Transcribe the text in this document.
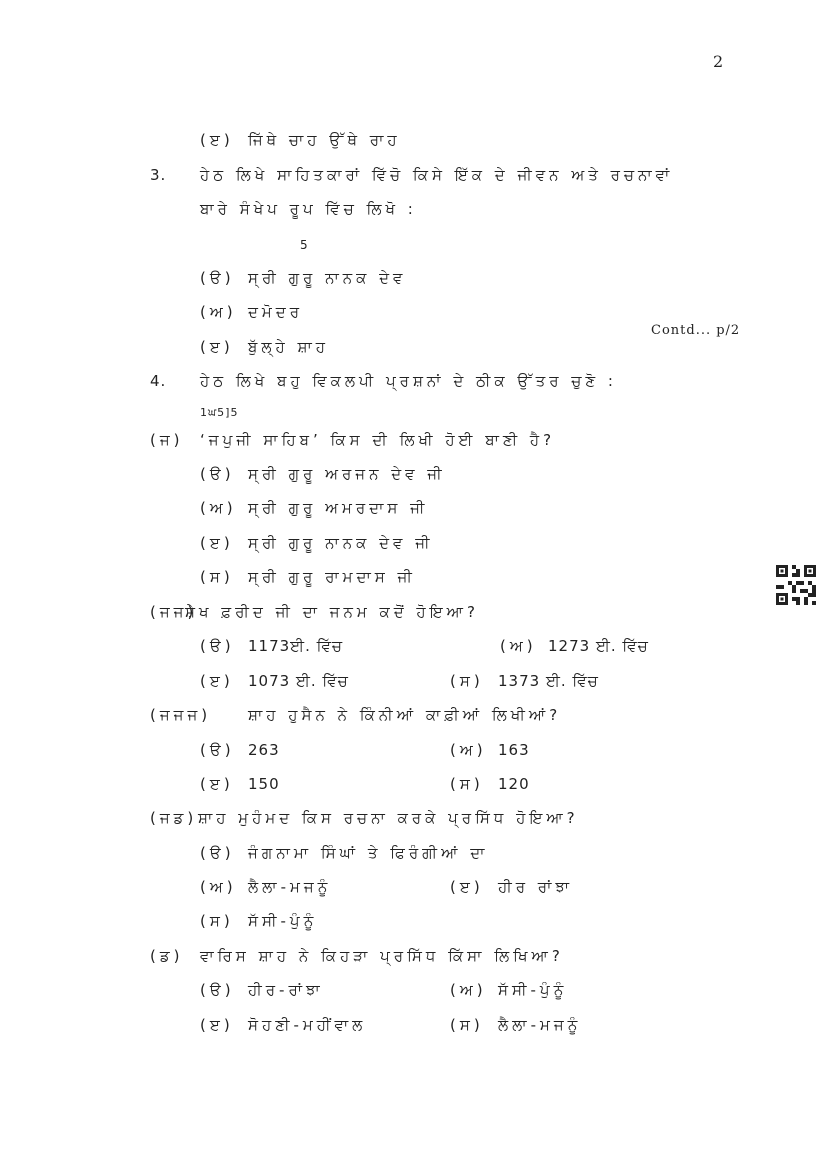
2
(ੲ) ਜਿੱਥੇ ਚਾਹ ਉੱਥੇ ਰਾਹ
3. ਹੇਠ ਲਿਖੇ ਸਾਹਿਤਕਾਰਾਂ ਵਿੱਚੋ ਕਿਸੇ ਇੱਕ ਦੇ ਜੀਵਨ ਅਤੇ ਰਚਨਾਵਾਂ
ਬਾਰੇ ਸੰਖੇਪ ਰੂਪ ਵਿੱਚ ਲਿਖੋ :
5
(ੳ) ਸ੍ਰੀ ਗੁਰੂ ਨਾਨਕ ਦੇਵ
(ਅ) ਦਮੋਦਰ
Contd... p/2
(ੲ) ਬੁੱਲ੍ਹੇ ਸ਼ਾਹ
4. ਹੇਠ ਲਿਖੇ ਬਹੁ ਵਿਕਲਪੀ ਪ੍ਰਸ਼ਨਾਂ ਦੇ ਠੀਕ ਉੱਤਰ ਚੁਣੋ :
1ਘ5]5
(ਜ) ‘ਜਪੁਜੀ ਸਾਹਿਬ’ ਕਿਸ ਦੀ ਲਿਖੀ ਹੋਈ ਬਾਣੀ ਹੈ?
(ੳ) ਸ੍ਰੀ ਗੁਰੂ ਅਰਜਨ ਦੇਵ ਜੀ
(ਅ) ਸ੍ਰੀ ਗੁਰੂ ਅਮਰਦਾਸ ਜੀ
(ੲ) ਸ੍ਰੀ ਗੁਰੂ ਨਾਨਕ ਦੇਵ ਜੀ
(ਸ) ਸ੍ਰੀ ਗੁਰੂ ਰਾਮਦਾਸ ਜੀ
(ਜਜ)
ਸ਼ੇਖ ਫ਼ਰੀਦ ਜੀ ਦਾ ਜਨਮ ਕਦੋਂ ਹੋਇਆ?
(ੳ) 1173ਈ. ਵਿੱਚ	(ਅ) 1273 ਈ. ਵਿੱਚ
(ੲ) 1073 ਈ. ਵਿੱਚ	(ਸ) 1373 ਈ. ਵਿੱਚ
(ਜਜਜ) ਸ਼ਾਹ ਹੁਸੈਨ ਨੇ ਕਿੰਨੀਆਂ ਕਾਫ਼ੀਆਂ ਲਿਖੀਆਂ?
(ੳ) 263	(ਅ) 163
(ੲ) 150	(ਸ) 120
(ਜਡ) ਸ਼ਾਹ ਮੁਹੰਮਦ ਕਿਸ ਰਚਨਾ ਕਰਕੇ ਪ੍ਰਸਿੱਧ ਹੋਇਆ?
(ੳ) ਜੰਗਨਾਮਾ ਸਿੰਘਾਂ ਤੇ ਫਿਰੰਗੀਆਂ ਦਾ
(ਅ) ਲੈਲਾ-ਮਜਨੂੰ	(ੲ) ਹੀਰ ਰਾਂਝਾ
(ਸ) ਸੱਸੀ-ਪੁੰਨੂੰ
(ਡ) ਵਾਰਿਸ ਸ਼ਾਹ ਨੇ ਕਿਹੜਾ ਪ੍ਰਸਿੱਧ ਕਿੱਸਾ ਲਿਖਿਆ?
(ੳ) ਹੀਰ-ਰਾਂਝਾ	(ਅ) ਸੱਸੀ-ਪੁੰਨੂੰ
(ੲ) ਸੋਹਣੀ-ਮਹੀਂਵਾਲ	(ਸ) ਲੈਲਾ-ਮਜਨੂੰ
